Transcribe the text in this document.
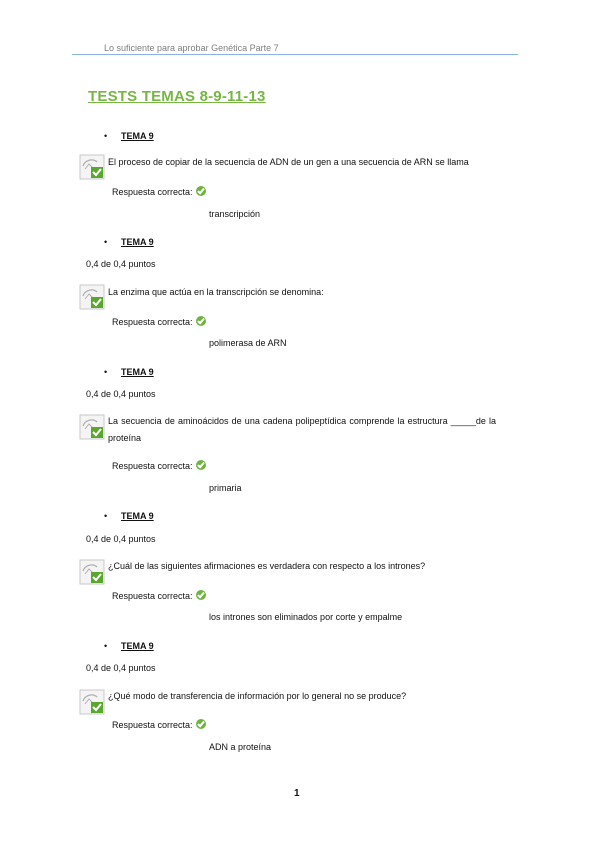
Lo suficiente para aprobar Genética Parte 7
TESTS TEMAS 8-9-11-13
• TEMA 9
El proceso de copiar de la secuencia de ADN de un gen a una secuencia de ARN se llama
Respuesta correcta:
transcripción
• TEMA 9
0,4 de 0,4 puntos
La enzima que actúa en la transcripción se denomina:
Respuesta correcta:
polimerasa de ARN
• TEMA 9
0,4 de 0,4 puntos
La secuencia de aminoácidos de una cadena polipeptídica comprende la estructura _____de la proteína
Respuesta correcta:
primaria
• TEMA 9
0,4 de 0,4 puntos
¿Cuál de las siguientes afirmaciones es verdadera con respecto a los intrones?
Respuesta correcta:
los intrones son eliminados por corte y empalme
• TEMA 9
0,4 de 0,4 puntos
¿Qué modo de transferencia de información por lo general no se produce?
Respuesta correcta:
ADN a proteína
1
